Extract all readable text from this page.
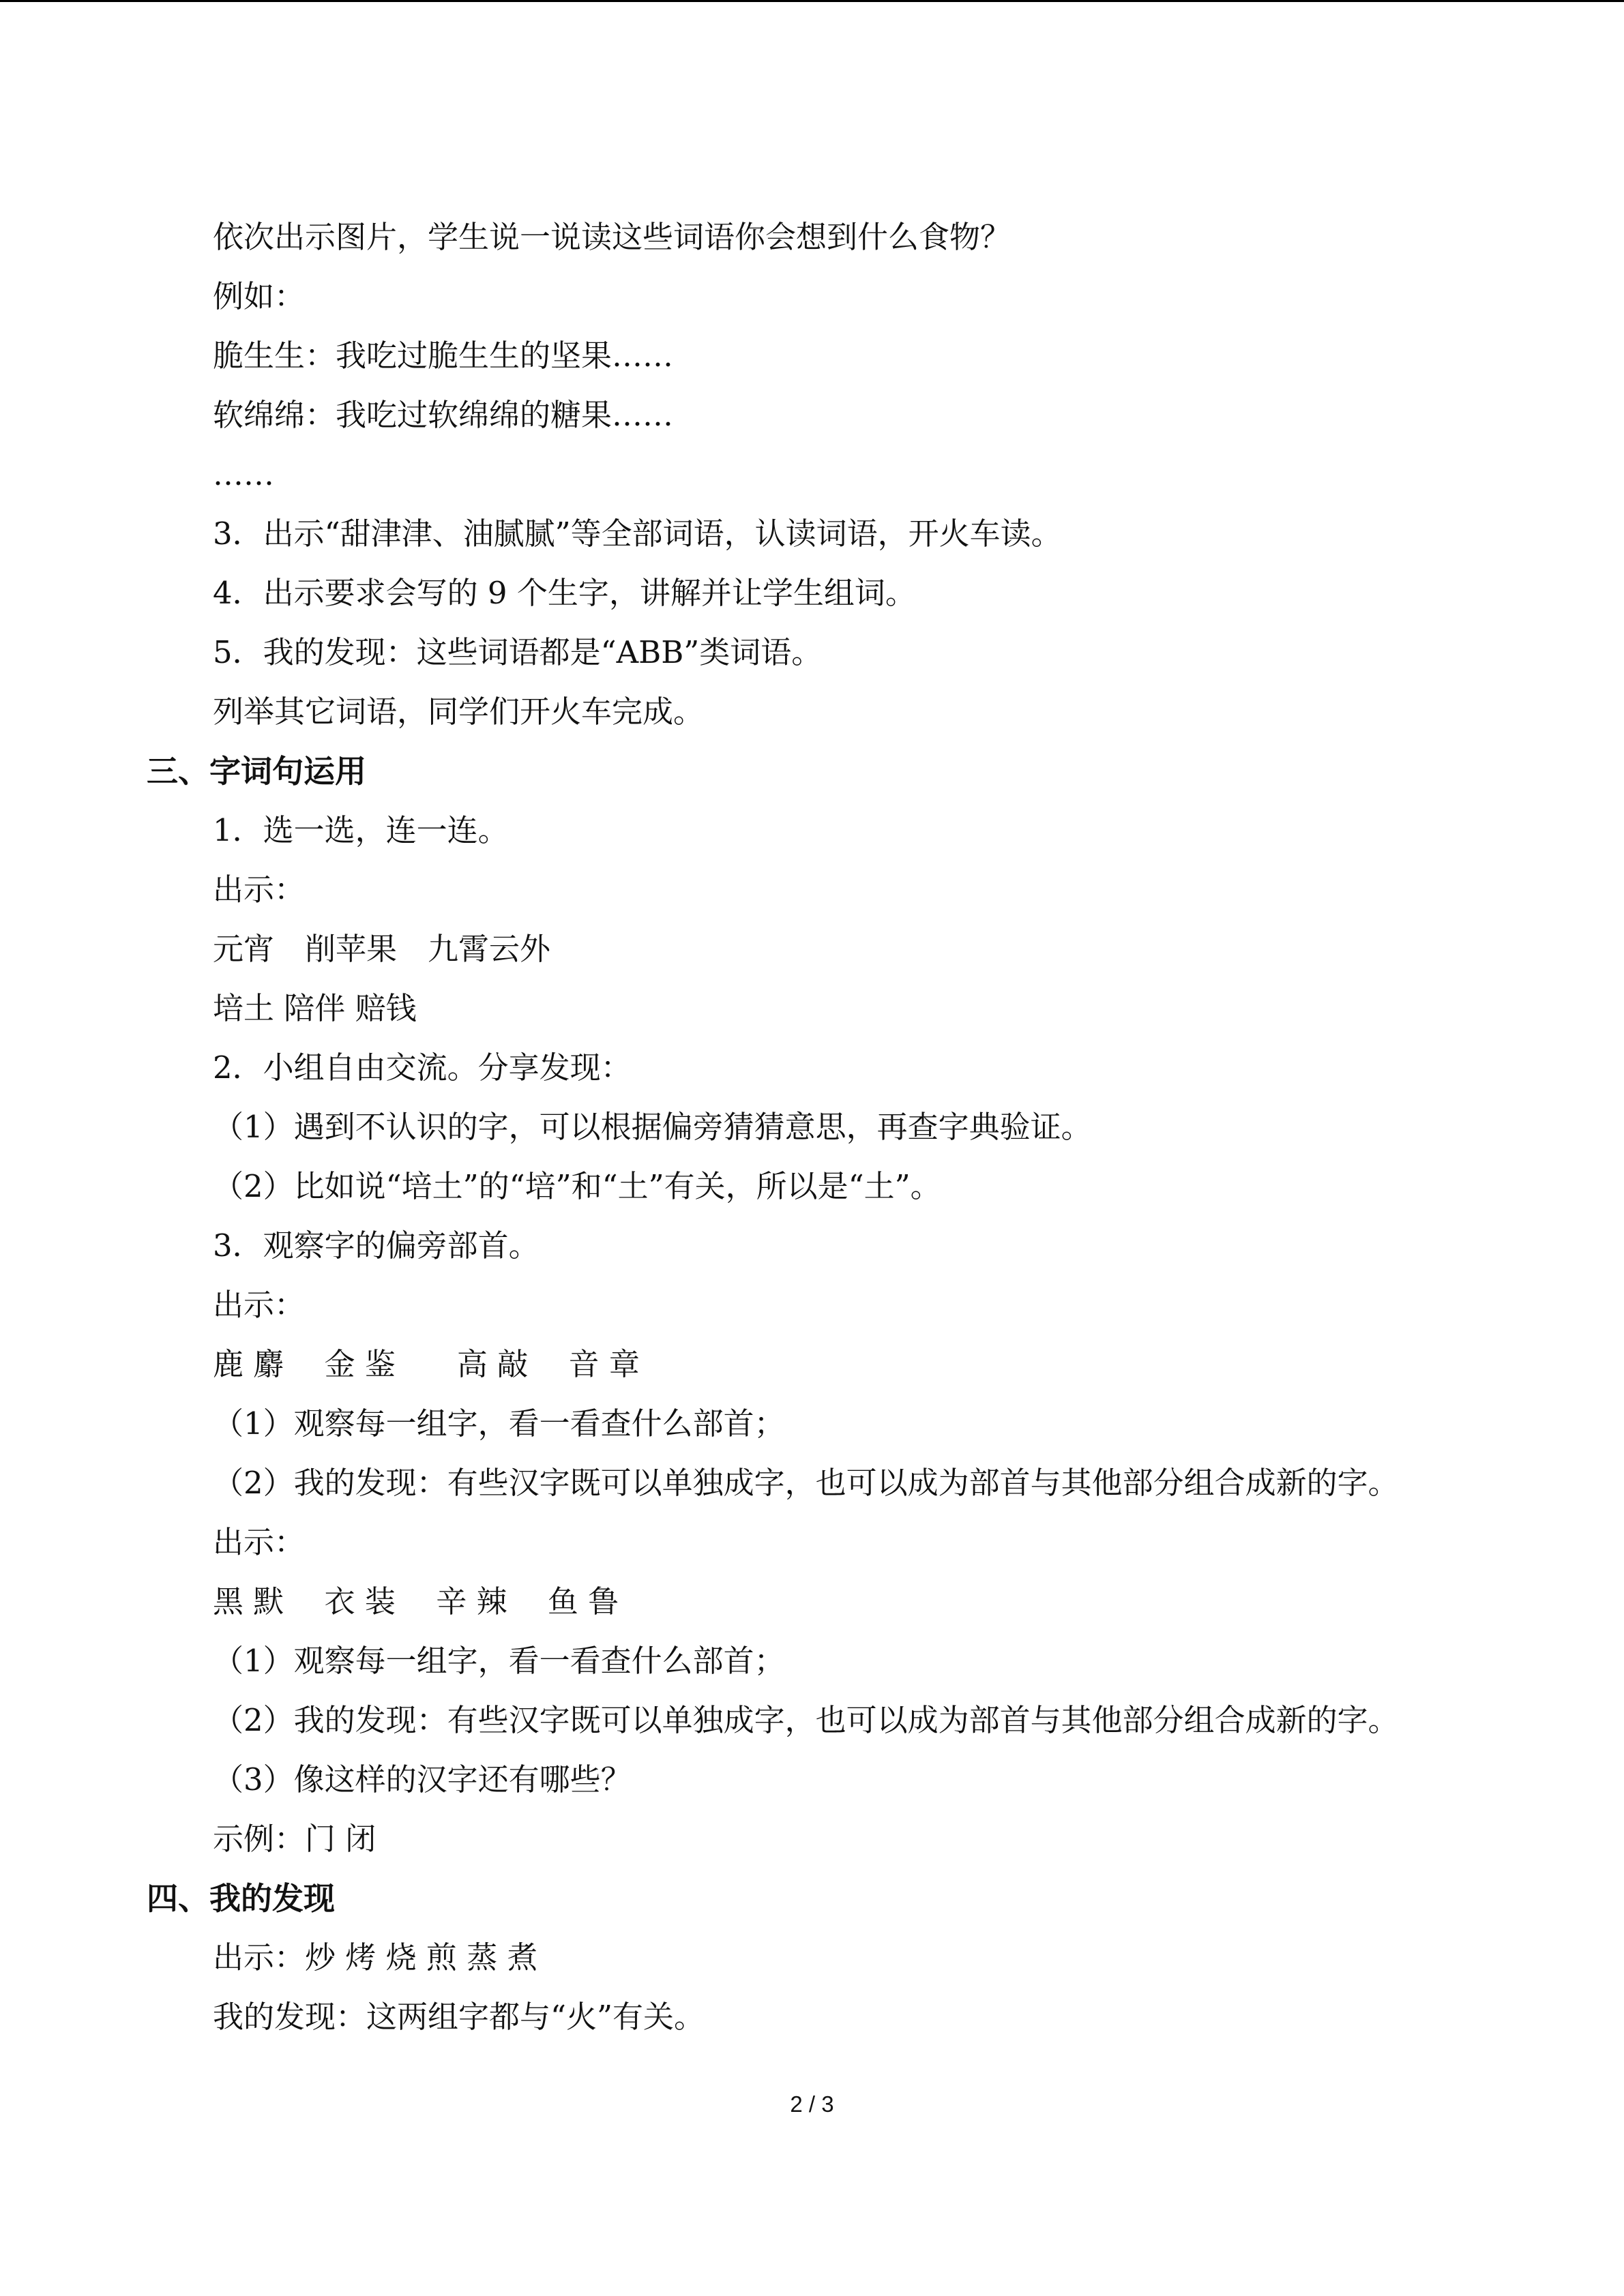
依次出示图片，学生说一说读这些词语你会想到什么食物？
例如：
脆生生：我吃过脆生生的坚果……
软绵绵：我吃过软绵绵的糖果……
……
3．出示“甜津津、油腻腻”等全部词语，认读词语，开火车读。
4．出示要求会写的 9 个生字，讲解并让学生组词。
5．我的发现：这些词语都是“ABB”类词语。
列举其它词语，同学们开火车完成。
三、字词句运用
1．选一选，连一连。
出示：
元宵　削苹果　九霄云外
培土 陪伴 赔钱
2．小组自由交流。分享发现：
（1）遇到不认识的字，可以根据偏旁猜猜意思，再查字典验证。
（2）比如说“培土”的“培”和“土”有关，所以是“土”。
3．观察字的偏旁部首。
出示：
鹿 麝　 金 鉴　　高 敲　 音 章
（1）观察每一组字，看一看查什么部首；
（2）我的发现：有些汉字既可以单独成字，也可以成为部首与其他部分组合成新的字。
出示：
黑 默　 衣 装　 辛 辣　 鱼 鲁
（1）观察每一组字，看一看查什么部首；
（2）我的发现：有些汉字既可以单独成字，也可以成为部首与其他部分组合成新的字。
（3）像这样的汉字还有哪些？
示例：门 闭
四、我的发现
出示：炒 烤 烧 煎 蒸 煮
我的发现：这两组字都与“火”有关。
2 / 3
